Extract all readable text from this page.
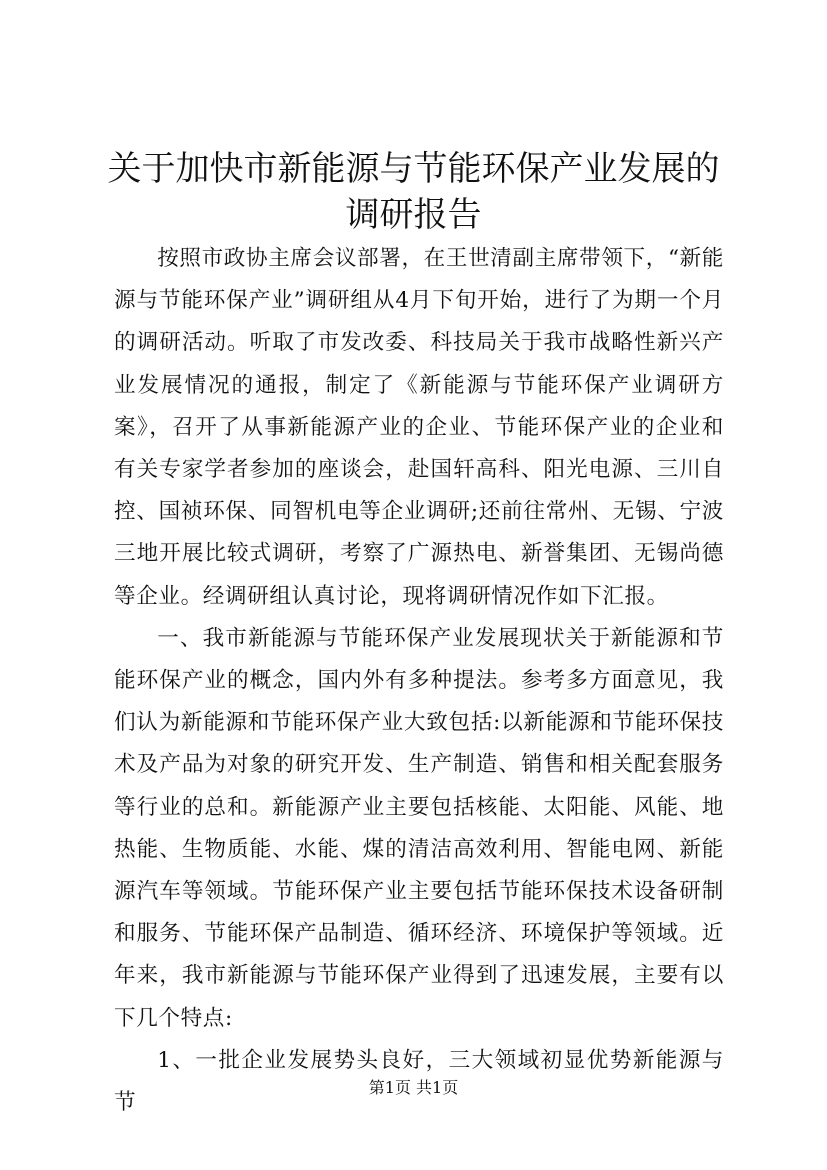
关于加快市新能源与节能环保产业发展的调研报告

按照市政协主席会议部署，在王世清副主席带领下，“新能源与节能环保产业”调研组从4月下旬开始，进行了为期一个月的调研活动。听取了市发改委、科技局关于我市战略性新兴产业发展情况的通报，制定了《新能源与节能环保产业调研方案》，召开了从事新能源产业的企业、节能环保产业的企业和有关专家学者参加的座谈会，赴国轩高科、阳光电源、三川自控、国祯环保、同智机电等企业调研;还前往常州、无锡、宁波三地开展比较式调研，考察了广源热电、新誉集团、无锡尚德等企业。经调研组认真讨论，现将调研情况作如下汇报。

一、我市新能源与节能环保产业发展现状关于新能源和节能环保产业的概念，国内外有多种提法。参考多方面意见，我们认为新能源和节能环保产业大致包括:以新能源和节能环保技术及产品为对象的研究开发、生产制造、销售和相关配套服务等行业的总和。新能源产业主要包括核能、太阳能、风能、地热能、生物质能、水能、煤的清洁高效利用、智能电网、新能源汽车等领域。节能环保产业主要包括节能环保技术设备研制和服务、节能环保产品制造、循环经济、环境保护等领域。近年来，我市新能源与节能环保产业得到了迅速发展，主要有以下几个特点:

1、一批企业发展势头良好，三大领域初显优势新能源与节

第1页 共1页
